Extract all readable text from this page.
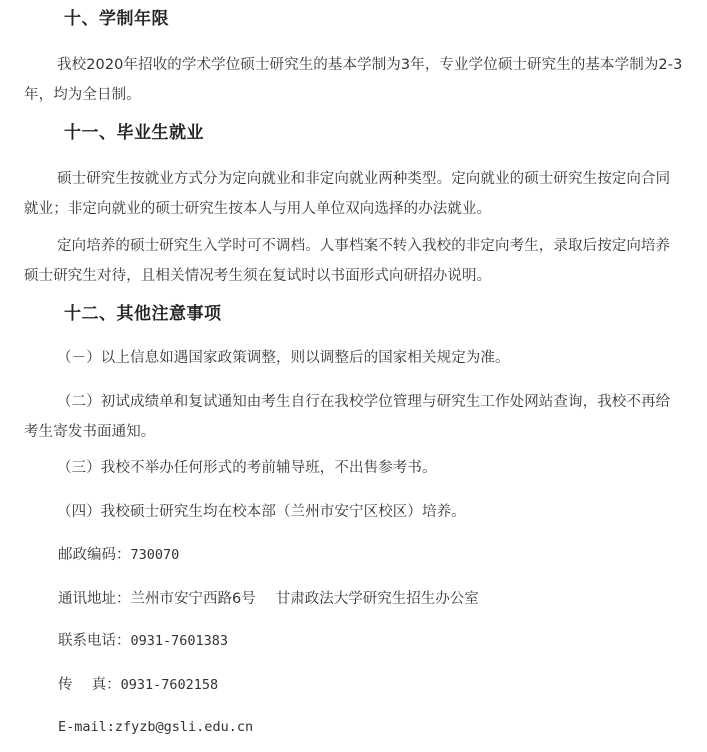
十、学制年限
我校2020年招收的学术学位硕士研究生的基本学制为3年，专业学位硕士研究生的基本学制为2-3年，均为全日制。
十一、毕业生就业
硕士研究生按就业方式分为定向就业和非定向就业两种类型。定向就业的硕士研究生按定向合同就业；非定向就业的硕士研究生按本人与用人单位双向选择的办法就业。
定向培养的硕士研究生入学时可不调档。人事档案不转入我校的非定向考生，录取后按定向培养硕士研究生对待，且相关情况考生须在复试时以书面形式向研招办说明。
十二、其他注意事项
（－）以上信息如遇国家政策调整，则以调整后的国家相关规定为准。
（二）初试成绩单和复试通知由考生自行在我校学位管理与研究生工作处网站查询，我校不再给考生寄发书面通知。
（三）我校不举办任何形式的考前辅导班，不出售参考书。
（四）我校硕士研究生均在校本部（兰州市安宁区校区）培养。
邮政编码：730070
通讯地址：兰州市安宁西路6号 甘肃政法大学研究生招生办公室
联系电话：0931-7601383
传　 真：0931-7602158
E-mail:zfyzb@gsli.edu.cn
